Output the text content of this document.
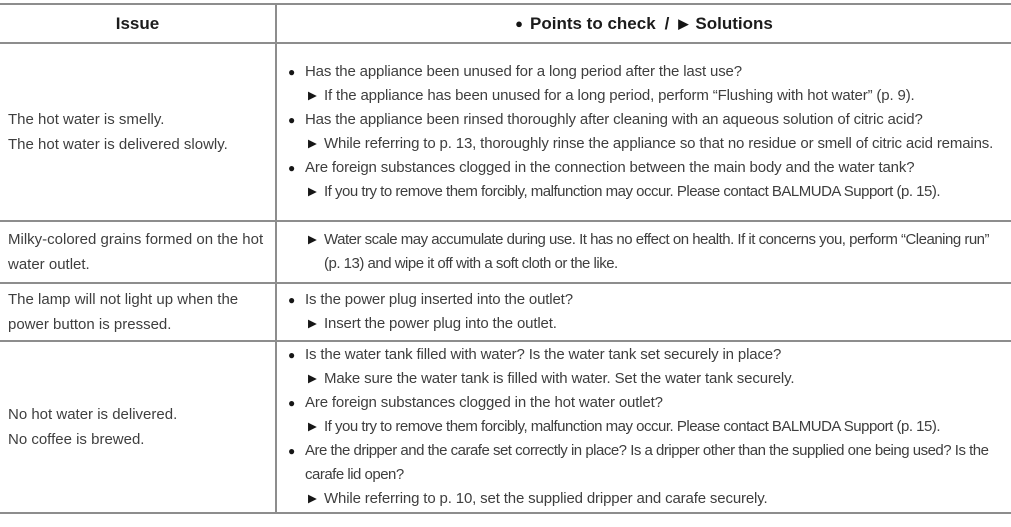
Issue	● Points to check / ▶ Solutions
The hot water is smelly.
The hot water is delivered slowly.
● Has the appliance been unused for a long period after the last use?
▶ If the appliance has been unused for a long period, perform “Flushing with hot water” (p. 9).
● Has the appliance been rinsed thoroughly after cleaning with an aqueous solution of citric acid?
▶ While referring to p. 13, thoroughly rinse the appliance so that no residue or smell of citric acid remains.
● Are foreign substances clogged in the connection between the main body and the water tank?
▶ If you try to remove them forcibly, malfunction may occur. Please contact BALMUDA Support (p. 15).
Milky-colored grains formed on the hot water outlet.
▶ Water scale may accumulate during use. It has no effect on health. If it concerns you, perform “Cleaning run” (p. 13) and wipe it off with a soft cloth or the like.
The lamp will not light up when the power button is pressed.
● Is the power plug inserted into the outlet?
▶ Insert the power plug into the outlet.
No hot water is delivered.
No coffee is brewed.
● Is the water tank filled with water? Is the water tank set securely in place?
▶ Make sure the water tank is filled with water. Set the water tank securely.
● Are foreign substances clogged in the hot water outlet?
▶ If you try to remove them forcibly, malfunction may occur. Please contact BALMUDA Support (p. 15).
● Are the dripper and the carafe set correctly in place? Is a dripper other than the supplied one being used? Is the carafe lid open?
▶ While referring to p. 10, set the supplied dripper and carafe securely.
